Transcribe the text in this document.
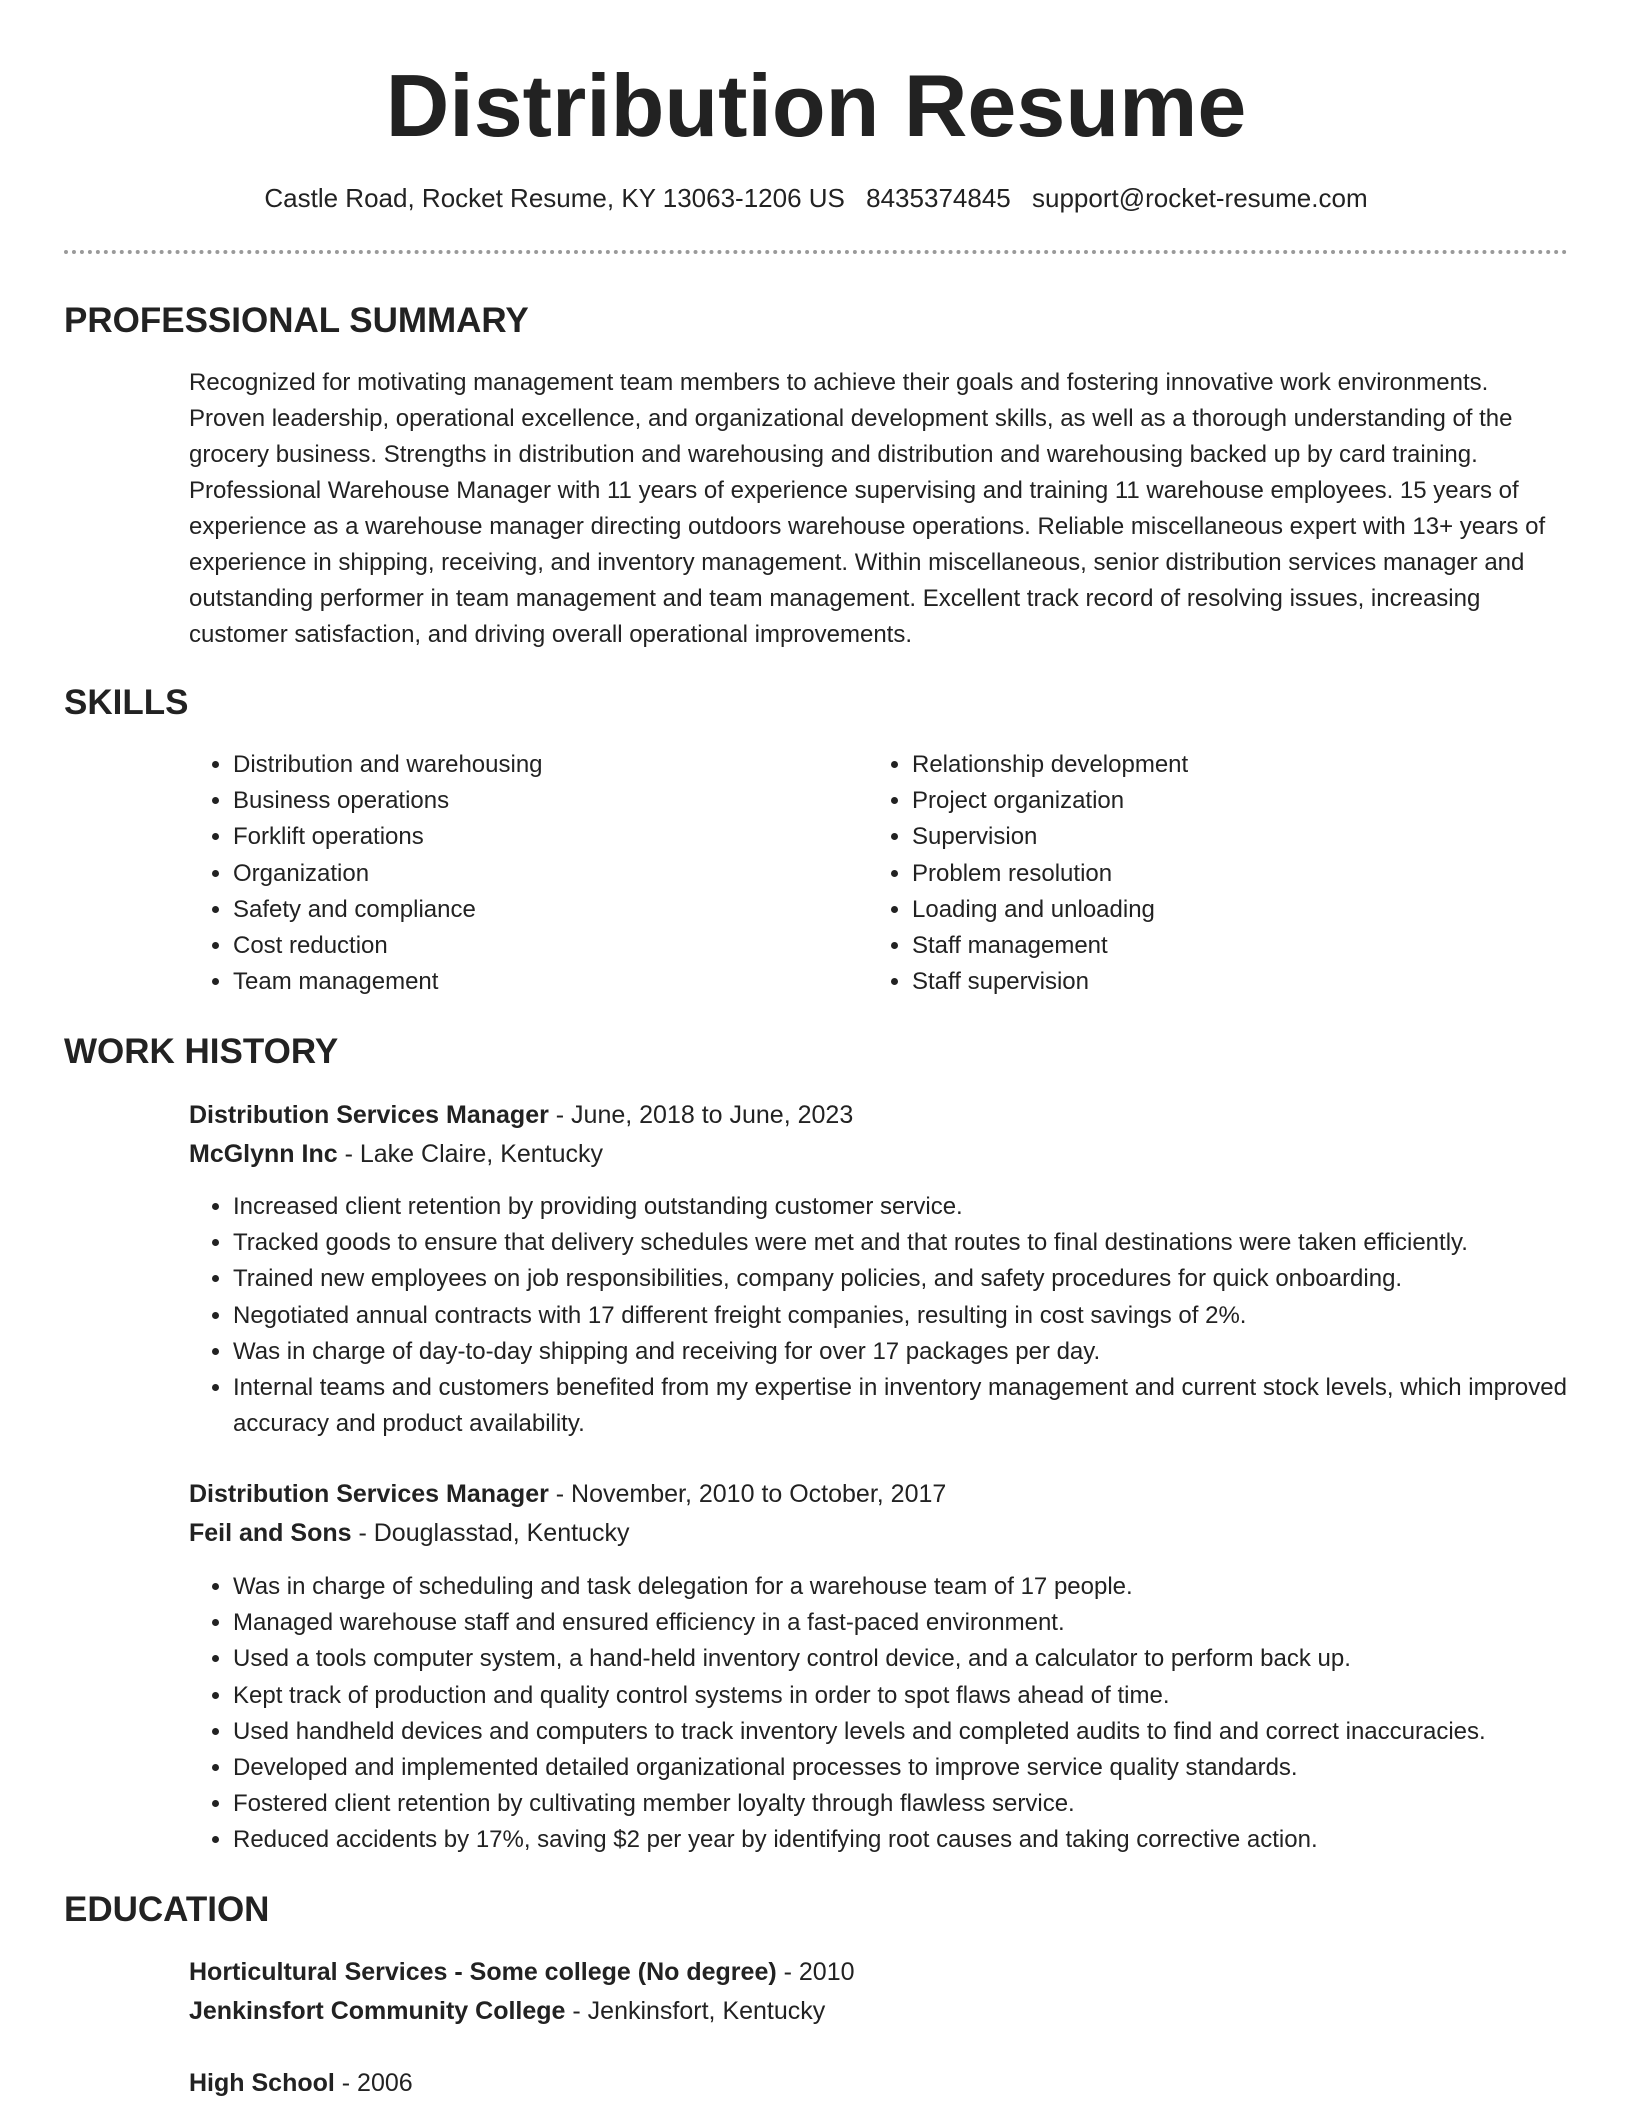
Distribution Resume
Castle Road, Rocket Resume, KY 13063-1206 US 8435374845 support@rocket-resume.com
PROFESSIONAL SUMMARY

Recognized for motivating management team members to achieve their goals and fostering innovative work environments. Proven leadership, operational excellence, and organizational development skills, as well as a thorough understanding of the grocery business. Strengths in distribution and warehousing and distribution and warehousing backed up by card training. Professional Warehouse Manager with 11 years of experience supervising and training 11 warehouse employees. 15 years of experience as a warehouse manager directing outdoors warehouse operations. Reliable miscellaneous expert with 13+ years of experience in shipping, receiving, and inventory management. Within miscellaneous, senior distribution services manager and outstanding performer in team management and team management. Excellent track record of resolving issues, increasing customer satisfaction, and driving overall operational improvements.

SKILLS
• Distribution and warehousing
• Business operations
• Forklift operations
• Organization
• Safety and compliance
• Cost reduction
• Team management
• Relationship development
• Project organization
• Supervision
• Problem resolution
• Loading and unloading
• Staff management
• Staff supervision
WORK HISTORY
Distribution Services Manager - June, 2018 to June, 2023
McGlynn Inc - Lake Claire, Kentucky
• Increased client retention by providing outstanding customer service.
• Tracked goods to ensure that delivery schedules were met and that routes to final destinations were taken efficiently.
• Trained new employees on job responsibilities, company policies, and safety procedures for quick onboarding.
• Negotiated annual contracts with 17 different freight companies, resulting in cost savings of 2%.
• Was in charge of day-to-day shipping and receiving for over 17 packages per day.
• Internal teams and customers benefited from my expertise in inventory management and current stock levels, which improved accuracy and product availability.
Distribution Services Manager - November, 2010 to October, 2017
Feil and Sons - Douglasstad, Kentucky
• Was in charge of scheduling and task delegation for a warehouse team of 17 people.
• Managed warehouse staff and ensured efficiency in a fast-paced environment.
• Used a tools computer system, a hand-held inventory control device, and a calculator to perform back up.
• Kept track of production and quality control systems in order to spot flaws ahead of time.
• Used handheld devices and computers to track inventory levels and completed audits to find and correct inaccuracies.
• Developed and implemented detailed organizational processes to improve service quality standards.
• Fostered client retention by cultivating member loyalty through flawless service.
• Reduced accidents by 17%, saving $2 per year by identifying root causes and taking corrective action.
EDUCATION
Horticultural Services - Some college (No degree) - 2010
Jenkinsfort Community College - Jenkinsfort, Kentucky
High School - 2006
